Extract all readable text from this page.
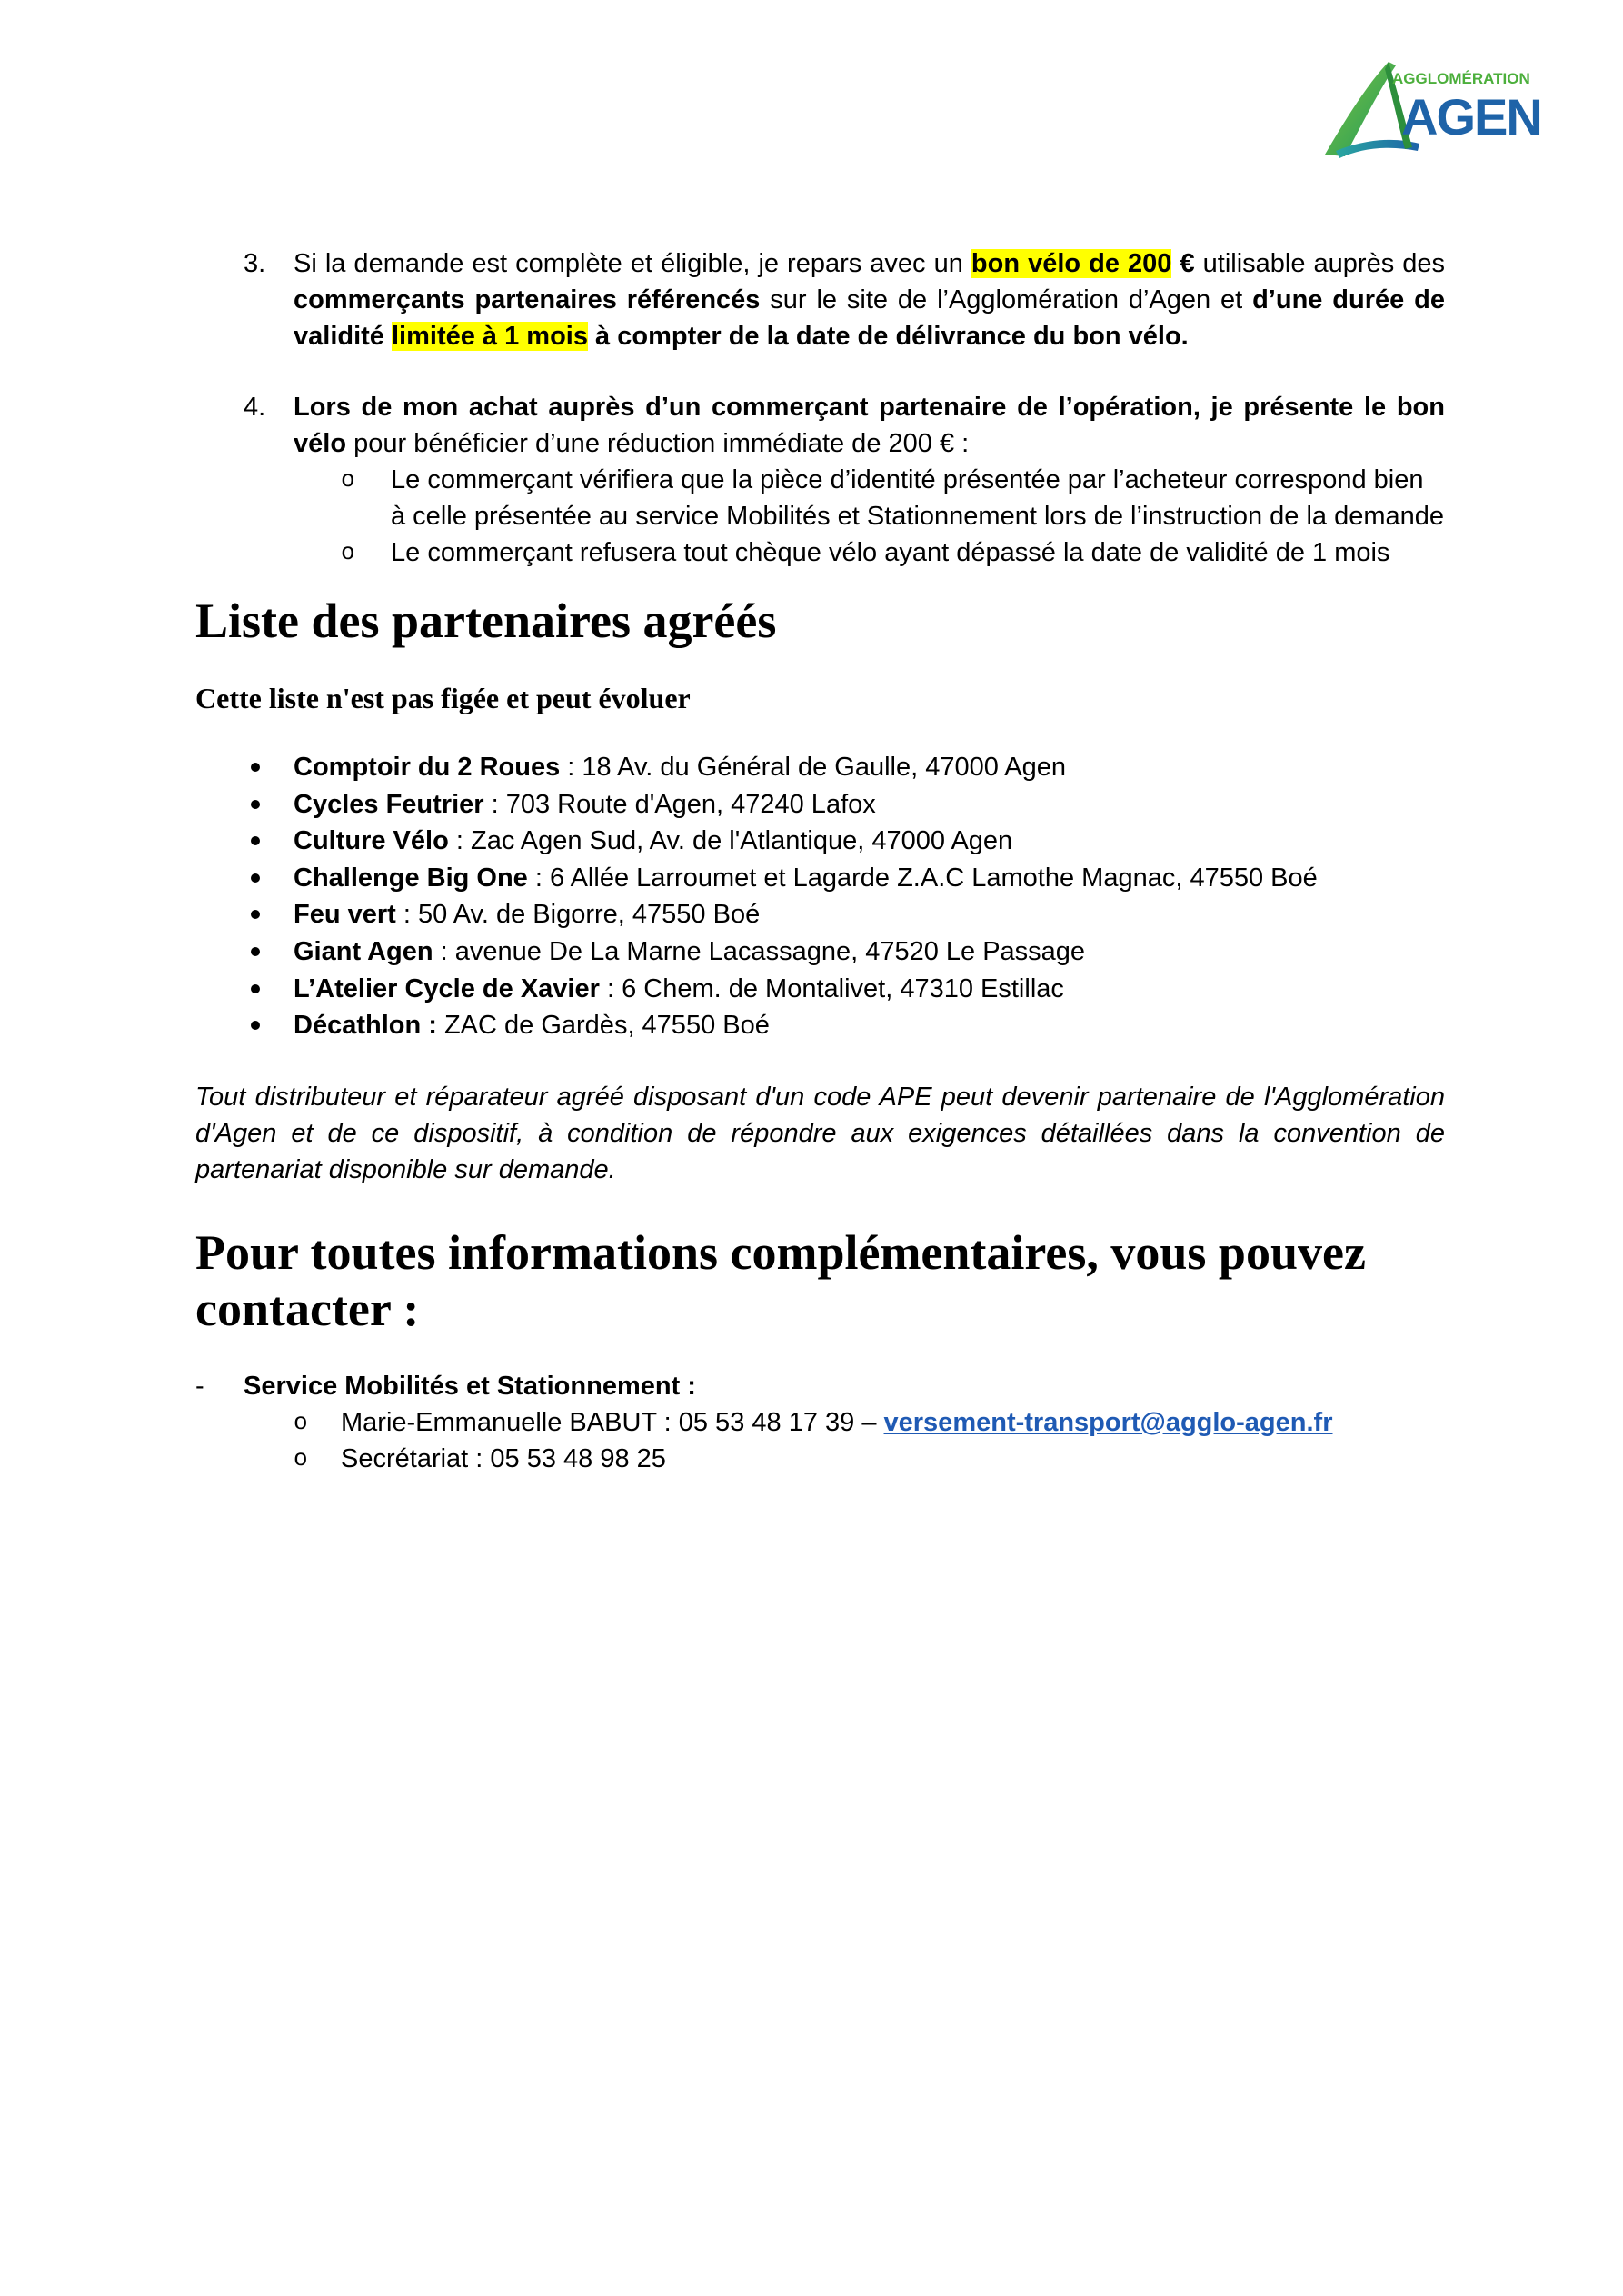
AGGLOMÉRATION
AGEN
3. Si la demande est complète et éligible, je repars avec un bon vélo de 200 € utilisable auprès des commerçants partenaires référencés sur le site de l’Agglomération d’Agen et d’une durée de validité limitée à 1 mois à compter de la date de délivrance du bon vélo.
4. Lors de mon achat auprès d’un commerçant partenaire de l’opération, je présente le bon vélo pour bénéficier d’une réduction immédiate de 200 € :
o Le commerçant vérifiera que la pièce d’identité présentée par l’acheteur correspond bien à celle présentée au service Mobilités et Stationnement lors de l’instruction de la demande
o Le commerçant refusera tout chèque vélo ayant dépassé la date de validité de 1 mois
Liste des partenaires agréés
Cette liste n'est pas figée et peut évoluer
Comptoir du 2 Roues : 18 Av. du Général de Gaulle, 47000 Agen
Cycles Feutrier : 703 Route d'Agen, 47240 Lafox
Culture Vélo : Zac Agen Sud, Av. de l'Atlantique, 47000 Agen
Challenge Big One : 6 Allée Larroumet et Lagarde Z.A.C Lamothe Magnac, 47550 Boé
Feu vert : 50 Av. de Bigorre, 47550 Boé
Giant Agen : avenue De La Marne Lacassagne, 47520 Le Passage
L’Atelier Cycle de Xavier : 6 Chem. de Montalivet, 47310 Estillac
Décathlon : ZAC de Gardès, 47550 Boé

Tout distributeur et réparateur agréé disposant d'un code APE peut devenir partenaire de l'Agglomération d'Agen et de ce dispositif, à condition de répondre aux exigences détaillées dans la convention de partenariat disponible sur demande.

Pour toutes informations complémentaires, vous pouvez contacter :
- Service Mobilités et Stationnement :
o Marie-Emmanuelle BABUT : 05 53 48 17 39 – versement-transport@agglo-agen.fr
o Secrétariat : 05 53 48 98 25
